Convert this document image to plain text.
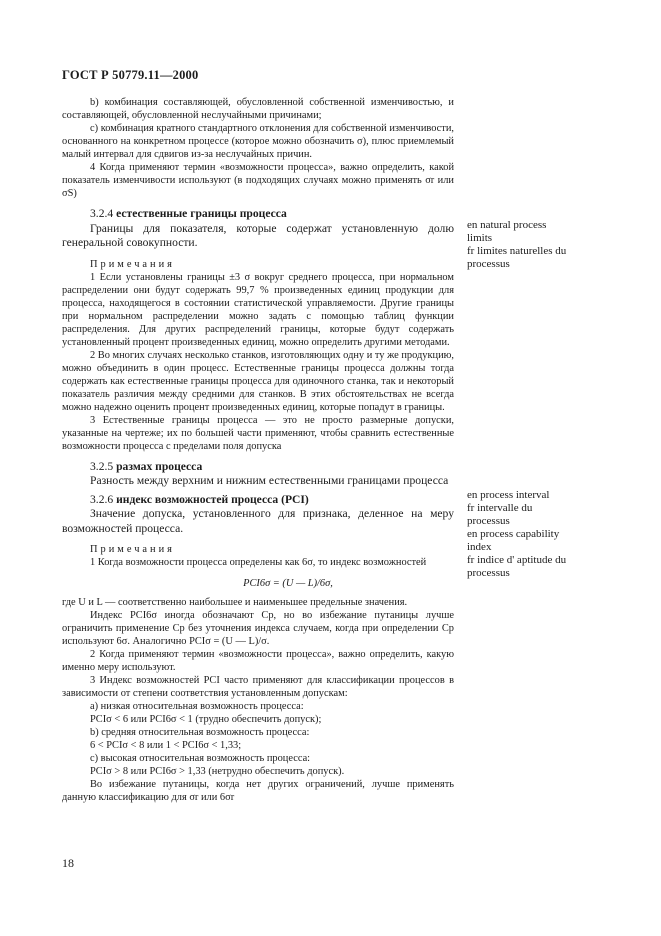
ГОСТ Р 50779.11—2000

b) комбинация составляющей, обусловленной собственной изменчивостью, и составляющей, обусловленной неслучайными причинами;

c) комбинация кратного стандартного отклонения для собственной изменчивости, основанного на конкретном процессе (которое можно обозначить σ), плюс приемлемый малый интервал для сдвигов из-за неслучайных причин.

4 Когда применяют термин «возможности процесса», важно определить, какой показатель изменчивости используют (в подходящих случаях можно применять σr или σS)

3.2.4 естественные границы процесса

Границы для показателя, которые содержат установленную долю генеральной совокупности.

Примечания

1 Если установлены границы ±3 σ вокруг среднего процесса, при нормальном распределении они будут содержать 99,7 % произведенных единиц продукции для процесса, находящегося в состоянии статистической управляемости. Другие границы при нормальном распределении можно задать с помощью таблиц функции распределения. Для других распределений границы, которые будут содержать установленный процент произведенных единиц, можно определить другими методами.

2 Во многих случаях несколько станков, изготовляющих одну и ту же продукцию, можно объединить в один процесс. Естественные границы процесса должны тогда содержать как естественные границы процесса для одиночного станка, так и некоторый показатель различия между средними для станков. В этих обстоятельствах не всегда можно надежно оценить процент произведенных единиц, которые попадут в границы.

3 Естественные границы процесса — это не просто размерные допуски, указанные на чертеже; их по большей части применяют, чтобы сравнить естественные возможности процесса с пределами поля допуска

3.2.5 размах процесса

Разность между верхним и нижним естественными границами процесса

3.2.6 индекс возможностей процесса (PCI)

Значение допуска, установленного для признака, деленное на меру возможностей процесса.

Примечания

1 Когда возможности процесса определены как 6σ, то индекс возможностей

PCI6σ = (U — L)/6σ,

где U и L — соответственно наибольшее и наименьшее предельные значения.

Индекс PCI6σ иногда обозначают Cp, но во избежание путаницы лучше ограничить применение Cp без уточнения индекса случаем, когда при определении Cp используют 6σ. Аналогично PCIσ = (U — L)/σ.

2 Когда применяют термин «возможности процесса», важно определить, какую именно меру используют.

3 Индекс возможностей PCI часто применяют для классификации процессов в зависимости от степени соответствия установленным допускам:

a) низкая относительная возможность процесса:

PCIσ < 6 или PCI6σ < 1 (трудно обеспечить допуск);

b) средняя относительная возможность процесса:

6 < PCIσ < 8 или 1 < PCI6σ < 1,33;

c) высокая относительная возможность процесса:

PCIσ > 8 или PCI6σ > 1,33 (нетрудно обеспечить допуск).

Во избежание путаницы, когда нет других ограничений, лучше применять данную классификацию для σr или 6σr

en natural process
limits
fr limites naturelles du
processus
en process interval
fr intervalle du
processus
en process capability
index
fr indice d' aptitude du
processus
18
